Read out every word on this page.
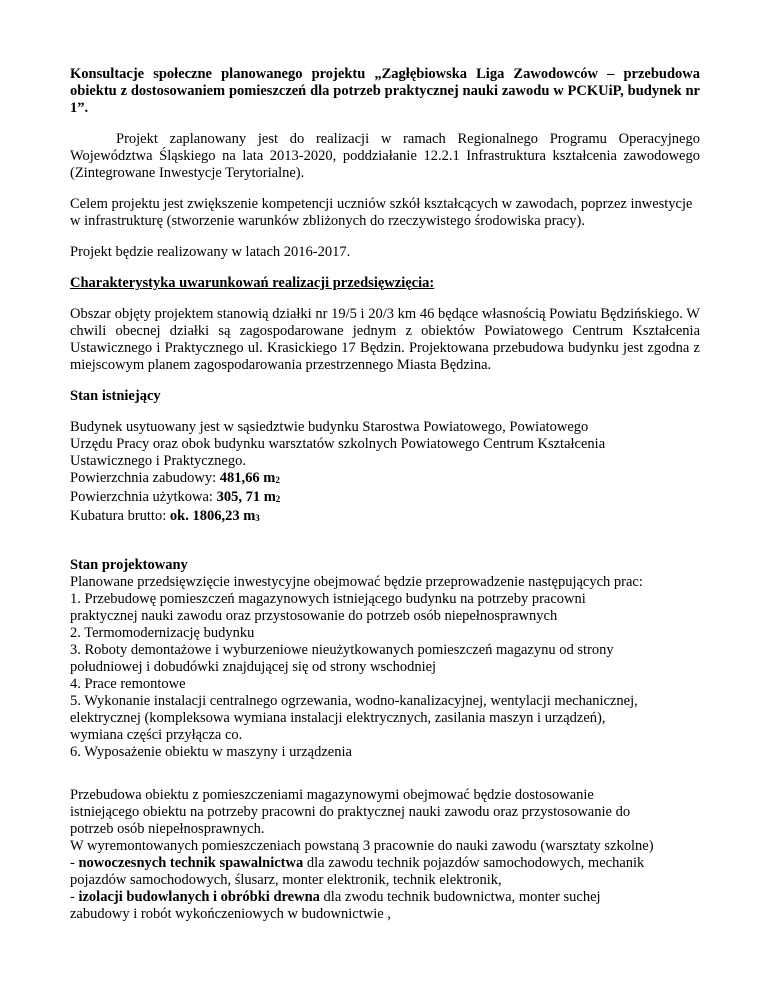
Konsultacje społeczne planowanego projektu „Zagłębiowska Liga Zawodowców – przebudowa obiektu z dostosowaniem pomieszczeń dla potrzeb praktycznej nauki zawodu w PCKUiP, budynek nr 1”.

Projekt zaplanowany jest do realizacji w ramach Regionalnego Programu Operacyjnego Województwa Śląskiego na lata 2013-2020, poddziałanie 12.2.1 Infrastruktura kształcenia zawodowego (Zintegrowane Inwestycje Terytorialne).

Celem projektu jest zwiększenie kompetencji uczniów szkół kształcących w zawodach, poprzez inwestycje w infrastrukturę (stworzenie warunków zbliżonych do rzeczywistego środowiska pracy).

Projekt będzie realizowany w latach 2016-2017.

Charakterystyka uwarunkowań realizacji przedsięwzięcia:

Obszar objęty projektem stanowią działki nr 19/5 i 20/3 km 46 będące własnością Powiatu Będzińskiego. W chwili obecnej działki są zagospodarowane jednym z obiektów Powiatowego Centrum Kształcenia Ustawicznego i Praktycznego ul. Krasickiego 17 Będzin. Projektowana przebudowa budynku jest zgodna z miejscowym planem zagospodarowania przestrzennego Miasta Będzina.

Stan istniejący

Budynek usytuowany jest w sąsiedztwie budynku Starostwa Powiatowego, Powiatowego
Urzędu Pracy oraz obok budynku warsztatów szkolnych Powiatowego Centrum Kształcenia
Ustawicznego i Praktycznego.
Powierzchnia zabudowy: 481,66 m2
Powierzchnia użytkowa: 305, 71 m2
Kubatura brutto: ok. 1806,23 m3

Stan projektowany

Planowane przedsięwzięcie inwestycyjne obejmować będzie przeprowadzenie następujących prac:
1. Przebudowę pomieszczeń magazynowych istniejącego budynku na potrzeby pracowni
praktycznej nauki zawodu oraz przystosowanie do potrzeb osób niepełnosprawnych
2. Termomodernizację budynku
3. Roboty demontażowe i wyburzeniowe nieużytkowanych pomieszczeń magazynu od strony
południowej i dobudówki znajdującej się od strony wschodniej
4. Prace remontowe
5. Wykonanie instalacji centralnego ogrzewania, wodno-kanalizacyjnej, wentylacji mechanicznej,
elektrycznej (kompleksowa wymiana instalacji elektrycznych, zasilania maszyn i urządzeń),
wymiana części przyłącza co.
6. Wyposażenie obiektu w maszyny i urządzenia
Przebudowa obiektu z pomieszczeniami magazynowymi obejmować będzie dostosowanie
istniejącego obiektu na potrzeby pracowni do praktycznej nauki zawodu oraz przystosowanie do
potrzeb osób niepełnosprawnych.
W wyremontowanych pomieszczeniach powstaną 3 pracownie do nauki zawodu (warsztaty szkolne)
- nowoczesnych technik spawalnictwa dla zawodu technik pojazdów samochodowych, mechanik
pojazdów samochodowych, ślusarz, monter elektronik, technik elektronik,
- izolacji budowlanych i obróbki drewna dla zwodu technik budownictwa, monter suchej
zabudowy i robót wykończeniowych w budownictwie ,
